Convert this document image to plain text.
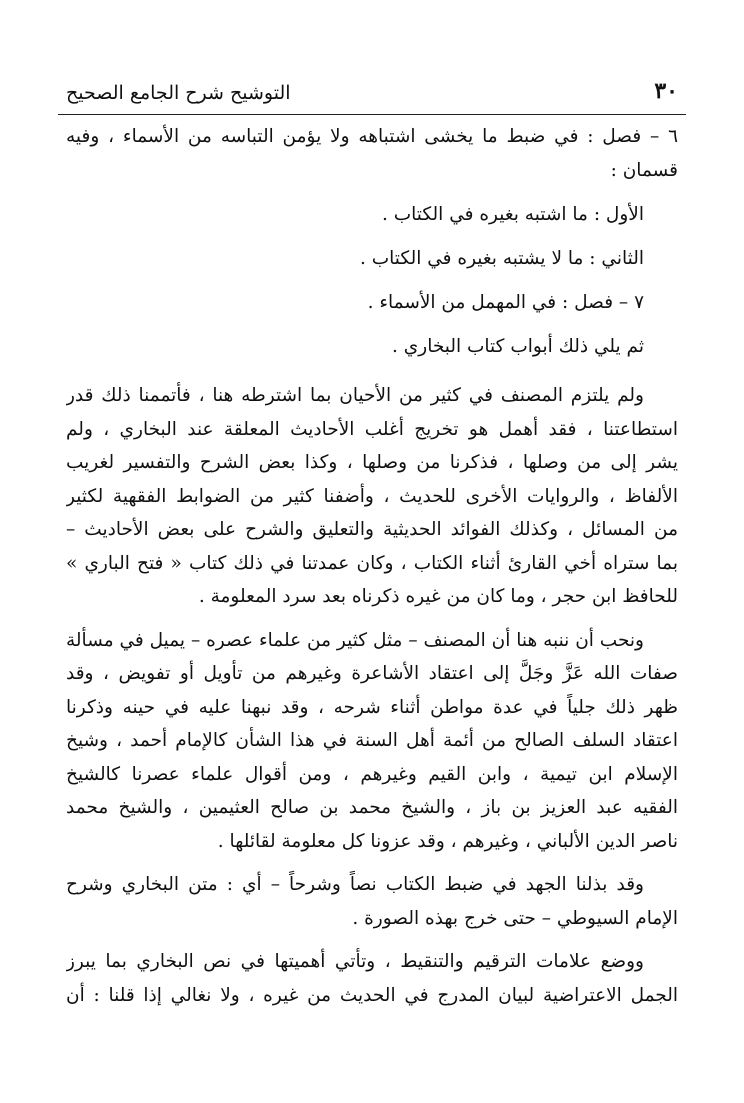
٣٠
التوشيح شرح الجامع الصحيح
٦ – فصل : في ضبط ما يخشى اشتباهه ولا يؤمن التباسه من الأسماء ، وفيه
قسمان :
الأول : ما اشتبه بغيره في الكتاب .
الثاني : ما لا يشتبه بغيره في الكتاب .
٧ – فصل : في المهمل من الأسماء .
ثم يلي ذلك أبواب كتاب البخاري .
ولم يلتزم المصنف في كثير من الأحيان بما اشترطه هنا ، فأتممنا ذلك قدر
استطاعتنا ، فقد أهمل هو تخريج أغلب الأحاديث المعلقة عند البخاري ، ولم
يشر إلى من وصلها ، فذكرنا من وصلها ، وكذا بعض الشرح والتفسير لغريب
الألفاظ ، والروايات الأخرى للحديث ، وأضفنا كثير من الضوابط الفقهية لكثير
من المسائل ، وكذلك الفوائد الحديثية والتعليق والشرح على بعض الأحاديث –
بما ستراه أخي القارئ أثناء الكتاب ، وكان عمدتنا في ذلك كتاب « فتح الباري »
للحافظ ابن حجر ، وما كان من غيره ذكرناه بعد سرد المعلومة .
ونحب أن ننبه هنا أن المصنف – مثل كثير من علماء عصره – يميل في مسألة
صفات الله عَزَّ وجَلَّ إلى اعتقاد الأشاعرة وغيرهم من تأويل أو تفويض ، وقد
ظهر ذلك جلياً في عدة مواطن أثناء شرحه ، وقد نبهنا عليه في حينه وذكرنا
اعتقاد السلف الصالح من أئمة أهل السنة في هذا الشأن كالإمام أحمد ، وشيخ
الإسلام ابن تيمية ، وابن القيم وغيرهم ، ومن أقوال علماء عصرنا كالشيخ
الفقيه عبد العزيز بن باز ، والشيخ محمد بن صالح العثيمين ، والشيخ محمد
ناصر الدين الألباني ، وغيرهم ، وقد عزونا كل معلومة لقائلها .
وقد بذلنا الجهد في ضبط الكتاب نصاً وشرحاً – أي : متن البخاري وشرح
الإمام السيوطي – حتى خرج بهذه الصورة .
ووضع علامات الترقيم والتنقيط ، وتأتي أهميتها في نص البخاري بما يبرز
الجمل الاعتراضية لبيان المدرج في الحديث من غيره ، ولا نغالي إذا قلنا : أن
